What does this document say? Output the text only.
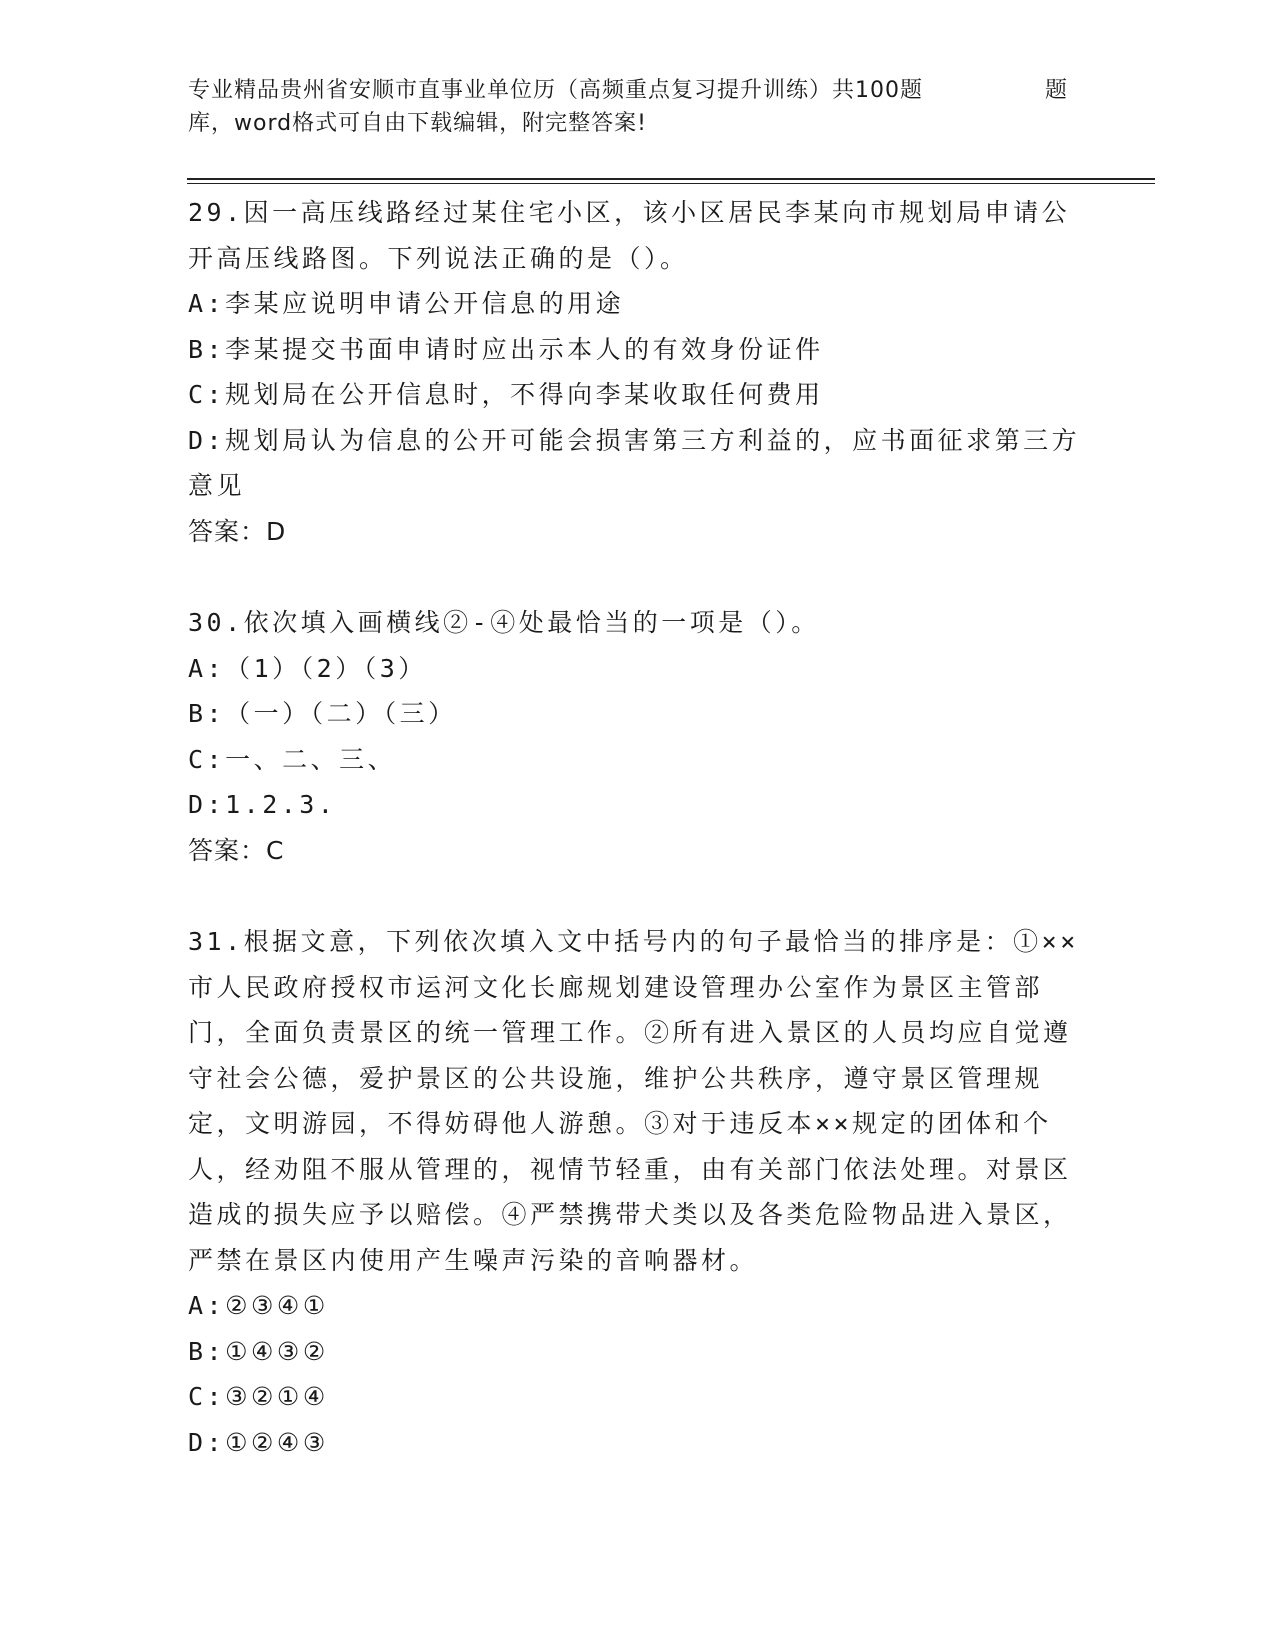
专业精品贵州省安顺市直事业单位历（高频重点复习提升训练）共100题	题
库，word格式可自由下载编辑，附完整答案!

29.因一高压线路经过某住宅小区，该小区居民李某向市规划局申请公开高压线路图。下列说法正确的是（）。

A:李某应说明申请公开信息的用途

B:李某提交书面申请时应出示本人的有效身份证件

C:规划局在公开信息时，不得向李某收取任何费用

D:规划局认为信息的公开可能会损害第三方利益的，应书面征求第三方意见

答案：D

30.依次填入画横线②-④处最恰当的一项是（）。

A:（1）（2）（3）

B:（一）（二）（三）

C:一、二、三、

D:1.2.3.

答案：C

31.根据文意，下列依次填入文中括号内的句子最恰当的排序是：①××市人民政府授权市运河文化长廊规划建设管理办公室作为景区主管部门，全面负责景区的统一管理工作。②所有进入景区的人员均应自觉遵守社会公德，爱护景区的公共设施，维护公共秩序，遵守景区管理规定，文明游园，不得妨碍他人游憩。③对于违反本××规定的团体和个人，经劝阻不服从管理的，视情节轻重，由有关部门依法处理。对景区造成的损失应予以赔偿。④严禁携带犬类以及各类危险物品进入景区，严禁在景区内使用产生噪声污染的音响器材。

A:②③④①

B:①④③②

C:③②①④

D:①②④③
